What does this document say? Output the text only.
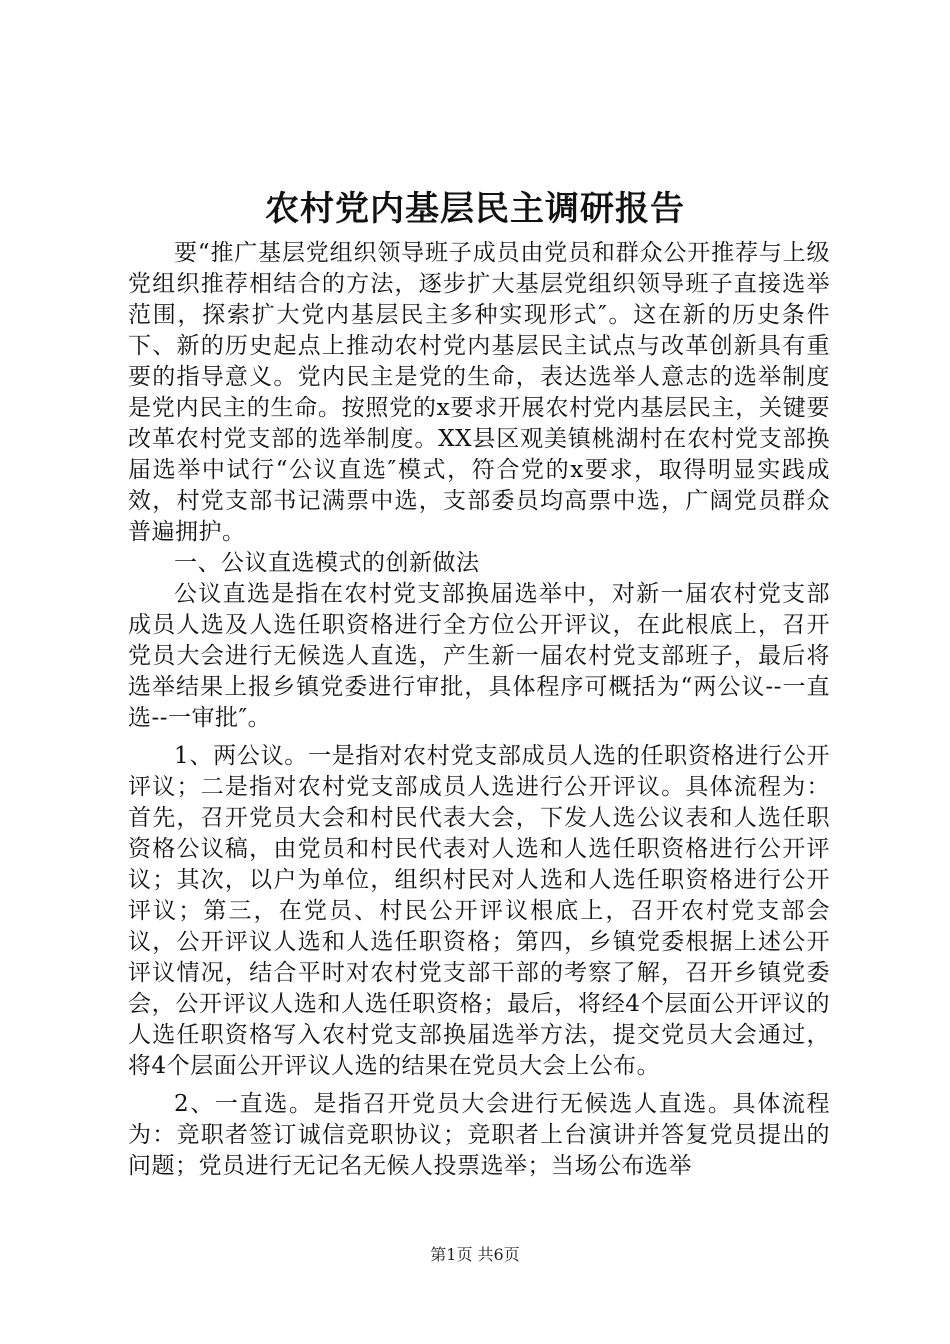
农村党内基层民主调研报告

要“推广基层党组织领导班子成员由党员和群众公开推荐与上级党组织推荐相结合的方法，逐步扩大基层党组织领导班子直接选举范围，探索扩大党内基层民主多种实现形式″。这在新的历史条件下、新的历史起点上推动农村党内基层民主试点与改革创新具有重要的指导意义。党内民主是党的生命，表达选举人意志的选举制度是党内民主的生命。按照党的x要求开展农村党内基层民主，关键要改革农村党支部的选举制度。XX县区观美镇桃湖村在农村党支部换届选举中试行“公议直选″模式，符合党的x要求，取得明显实践成效，村党支部书记满票中选，支部委员均高票中选，广阔党员群众普遍拥护。

一、公议直选模式的创新做法

公议直选是指在农村党支部换届选举中，对新一届农村党支部成员人选及人选任职资格进行全方位公开评议，在此根底上，召开党员大会进行无候选人直选，产生新一届农村党支部班子，最后将选举结果上报乡镇党委进行审批，具体程序可概括为“两公议--一直选--一审批″。

1、两公议。一是指对农村党支部成员人选的任职资格进行公开评议；二是指对农村党支部成员人选进行公开评议。具体流程为：首先，召开党员大会和村民代表大会，下发人选公议表和人选任职资格公议稿，由党员和村民代表对人选和人选任职资格进行公开评议；其次，以户为单位，组织村民对人选和人选任职资格进行公开评议；第三，在党员、村民公开评议根底上，召开农村党支部会议，公开评议人选和人选任职资格；第四，乡镇党委根据上述公开评议情况，结合平时对农村党支部干部的考察了解，召开乡镇党委会，公开评议人选和人选任职资格；最后，将经4个层面公开评议的人选任职资格写入农村党支部换届选举方法，提交党员大会通过，将4个层面公开评议人选的结果在党员大会上公布。

2、一直选。是指召开党员大会进行无候选人直选。具体流程为：竞职者签订诚信竞职协议；竞职者上台演讲并答复党员提出的问题；党员进行无记名无候人投票选举；当场公布选举

第1页 共6页
